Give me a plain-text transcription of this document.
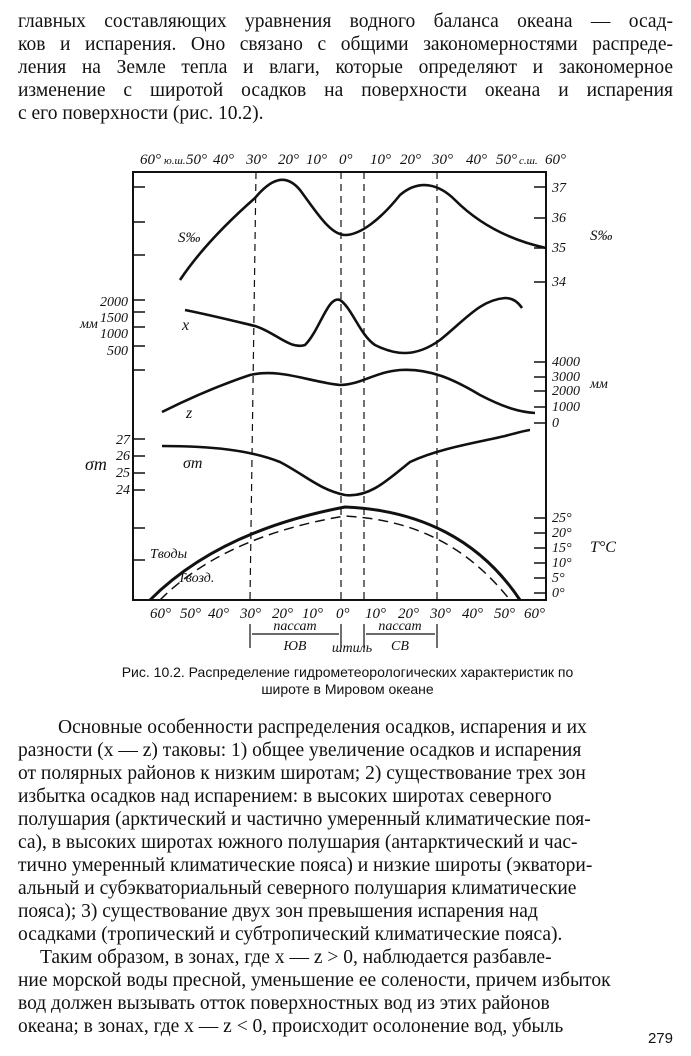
главных составляющих уравнения водного баланса океана — осад-
ков и испарения. Оно связано с общими закономерностями распреде-
ления на Земле тепла и влаги, которые определяют и закономерное
изменение с широтой осадков на поверхности океана и испарения
с его поверхности (рис. 10.2).
60° ю.ш. 50° 40° 30° 20° 10° 0° 10° 20° 30° 40° 50° с.ш. 60°
60° 50° 40° 30° 20° 10° 0° 10° 20° 30° 40° 50° 60°
2000
1500
1000
500
мм
27
26
25
24
σт
37
36
35
34
S‰
4000
3000
2000
1000
0
мм
25°
20°
15°
10°
5°
0°
T°C
S‰
x
z
σт
Tводы
Tвозд.
пассат
ЮВ штиль
пассат
СВ
Рис. 10.2. Распределение гидрометеорологических характеристик по
широте в Мировом океане
Основные особенности распределения осадков, испарения и их
разности (x — z) таковы: 1) общее увеличение осадков и испарения
от полярных районов к низким широтам; 2) существование трех зон
избытка осадков над испарением: в высоких широтах северного
полушария (арктический и частично умеренный климатические поя-
са), в высоких широтах южного полушария (антарктический и час-
тично умеренный климатические пояса) и низкие широты (экватори-
альный и субэкваториальный северного полушария климатические
пояса); 3) существование двух зон превышения испарения над
осадками (тропический и субтропический климатические пояса).
Таким образом, в зонах, где x — z > 0, наблюдается разбавле-
ние морской воды пресной, уменьшение ее солености, причем избыток
вод должен вызывать отток поверхностных вод из этих районов
океана; в зонах, где x — z < 0, происходит осолонение вод, убыль
279
